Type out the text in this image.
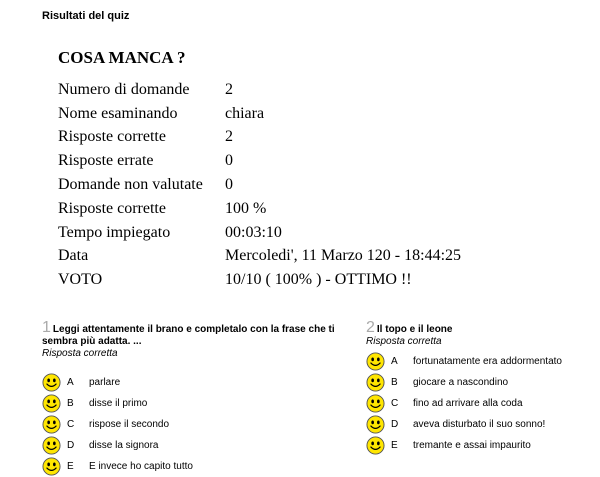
Risultati del quiz
COSA MANCA ?
Numero di domande	2
Nome esaminando	chiara
Risposte corrette	2
Risposte errate	0
Domande non valutate	0
Risposte corrette	100 %
Tempo impiegato	00:03:10
Data	Mercoledi', 11 Marzo 120 - 18:44:25
VOTO	10/10 ( 100% ) - OTTIMO !!
1 Leggi attentamente il brano e completalo con la frase che ti sembra più adatta. ...
Risposta corretta
A	parlare
B	disse il primo
C	rispose il secondo
D	disse la signora
E	E invece ho capito tutto
2 Il topo e il leone
Risposta corretta
A	fortunatamente era addormentato
B	giocare a nascondino
C	fino ad arrivare alla coda
D	aveva disturbato il suo sonno!
E	tremante e assai impaurito
